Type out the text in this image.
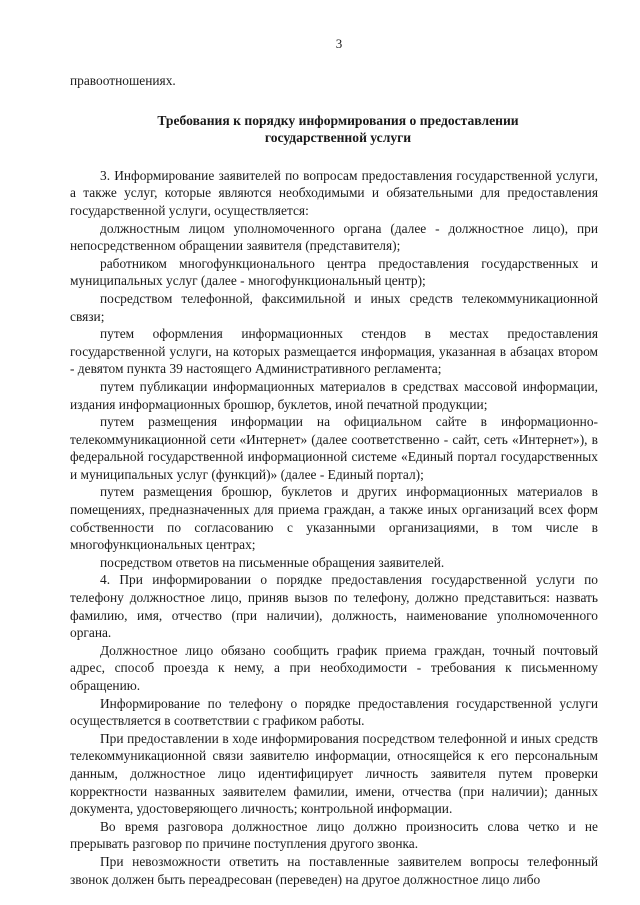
3
правоотношениях.
Требования к порядку информирования о предоставлении
государственной услуги

3. Информирование заявителей по вопросам предоставления государственной услуги, а также услуг, которые являются необходимыми и обязательными для предоставления государственной услуги, осуществляется:

должностным лицом уполномоченного органа (далее - должностное лицо), при непосредственном обращении заявителя (представителя);

работником многофункционального центра предоставления государственных и муниципальных услуг (далее - многофункциональный центр);

посредством телефонной, факсимильной и иных средств телекоммуникационной связи;

путем оформления информационных стендов в местах предоставления государственной услуги, на которых размещается информация, указанная в абзацах втором - девятом пункта 39 настоящего Административного регламента;

путем публикации информационных материалов в средствах массовой информации, издания информационных брошюр, буклетов, иной печатной продукции;

путем размещения информации на официальном сайте в информационно-телекоммуникационной сети «Интернет» (далее соответственно - сайт, сеть «Интернет»), в федеральной государственной информационной системе «Единый портал государственных и муниципальных услуг (функций)» (далее - Единый портал);

путем размещения брошюр, буклетов и других информационных материалов в помещениях, предназначенных для приема граждан, а также иных организаций всех форм собственности по согласованию с указанными организациями, в том числе в многофункциональных центрах;

посредством ответов на письменные обращения заявителей.

4. При информировании о порядке предоставления государственной услуги по телефону должностное лицо, приняв вызов по телефону, должно представиться: назвать фамилию, имя, отчество (при наличии), должность, наименование уполномоченного органа.

Должностное лицо обязано сообщить график приема граждан, точный почтовый адрес, способ проезда к нему, а при необходимости - требования к письменному обращению.

Информирование по телефону о порядке предоставления государственной услуги осуществляется в соответствии с графиком работы.

При предоставлении в ходе информирования посредством телефонной и иных средств телекоммуникационной связи заявителю информации, относящейся к его персональным данным, должностное лицо идентифицирует личность заявителя путем проверки корректности названных заявителем фамилии, имени, отчества (при наличии); данных документа, удостоверяющего личность; контрольной информации.

Во время разговора должностное лицо должно произносить слова четко и не прерывать разговор по причине поступления другого звонка.

При невозможности ответить на поставленные заявителем вопросы телефонный звонок должен быть переадресован (переведен) на другое должностное лицо либо
